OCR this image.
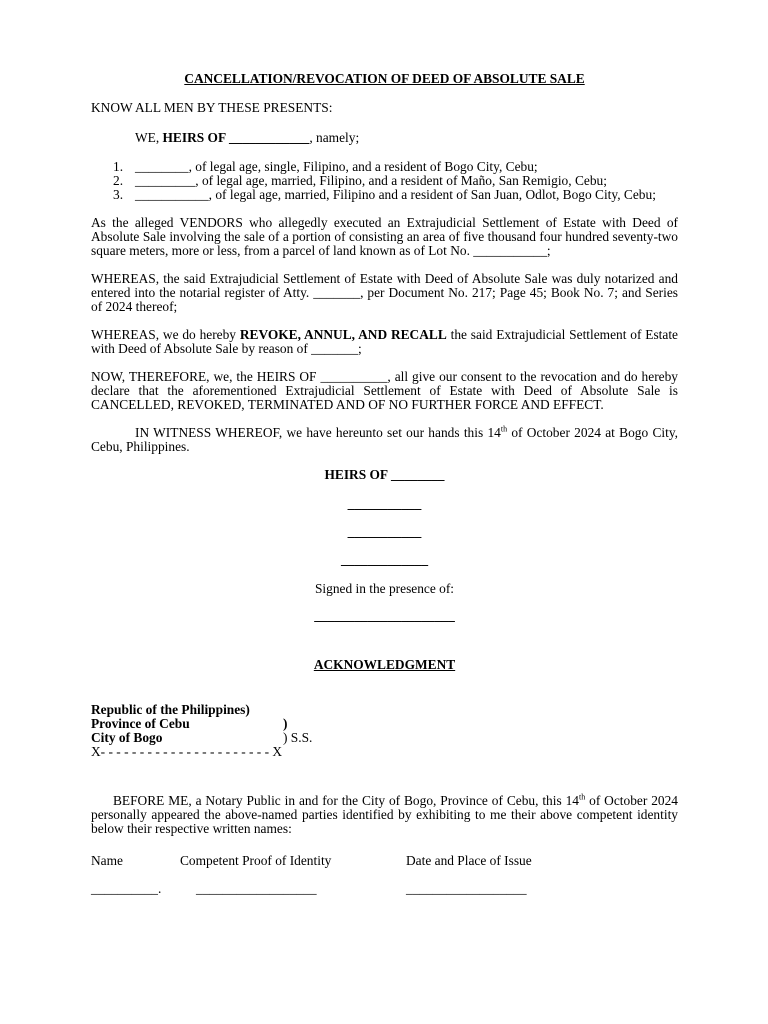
CANCELLATION/REVOCATION OF DEED OF ABSOLUTE SALE

KNOW ALL MEN BY THESE PRESENTS:

WE, HEIRS OF ____________, namely;

1. ________, of legal age, single, Filipino, and a resident of Bogo City, Cebu;
2. _________, of legal age, married, Filipino, and a resident of Maño, San Remigio, Cebu;
3. ___________, of legal age, married, Filipino and a resident of San Juan, Odlot, Bogo City, Cebu;

As the alleged VENDORS who allegedly executed an Extrajudicial Settlement of Estate with Deed of Absolute Sale involving the sale of a portion of consisting an area of five thousand four hundred seventy-two square meters, more or less, from a parcel of land known as of Lot No. ___________;

WHEREAS, the said Extrajudicial Settlement of Estate with Deed of Absolute Sale was duly notarized and entered into the notarial register of Atty. _______, per Document No. 217; Page 45; Book No. 7; and Series of 2024 thereof;

WHEREAS, we do hereby REVOKE, ANNUL, AND RECALL the said Extrajudicial Settlement of Estate with Deed of Absolute Sale by reason of _______;

NOW, THEREFORE, we, the HEIRS OF __________, all give our consent to the revocation and do hereby declare that the aforementioned Extrajudicial Settlement of Estate with Deed of Absolute Sale is CANCELLED, REVOKED, TERMINATED AND OF NO FURTHER FORCE AND EFFECT.

IN WITNESS WHEREOF, we have hereunto set our hands this 14th of October 2024 at Bogo City, Cebu, Philippines.

HEIRS OF ________

___________

___________

_____________

Signed in the presence of:

_____________________

ACKNOWLEDGMENT

Republic of the Philippines)

Province of Cebu	)
City of Bogo	) S.S.

X- - - - - - - - - - - - - - - - - - - - - - X

BEFORE ME, a Notary Public in and for the City of Bogo, Province of Cebu, this 14th of October 2024 personally appeared the above-named parties identified by exhibiting to me their above competent identity below their respective written names:

Name	Competent Proof of Identity	Date and Place of Issue
__________.	__________________	__________________
